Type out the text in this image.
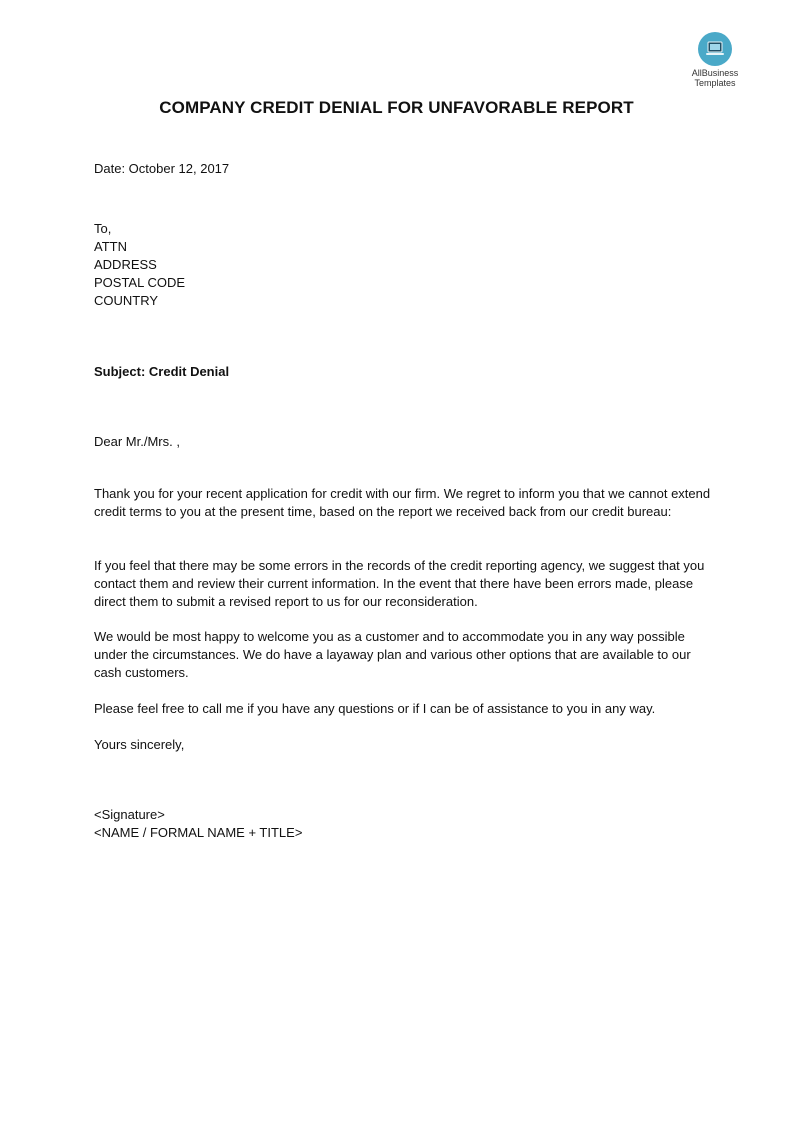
AllBusiness
Templates
COMPANY CREDIT DENIAL FOR UNFAVORABLE REPORT
Date: October 12, 2017
To,
ATTN
ADDRESS
POSTAL CODE
COUNTRY
Subject: Credit Denial
Dear Mr./Mrs. ,

Thank you for your recent application for credit with our firm. We regret to inform you that we cannot extend credit terms to you at the present time, based on the report we received back from our credit bureau:

If you feel that there may be some errors in the records of the credit reporting agency, we suggest that you contact them and review their current information. In the event that there have been errors made, please direct them to submit a revised report to us for our reconsideration.

We would be most happy to welcome you as a customer and to accommodate you in any way possible under the circumstances. We do have a layaway plan and various other options that are available to our cash customers.

Please feel free to call me if you have any questions or if I can be of assistance to you in any way.

Yours sincerely,
<Signature>
<NAME / FORMAL NAME + TITLE>
